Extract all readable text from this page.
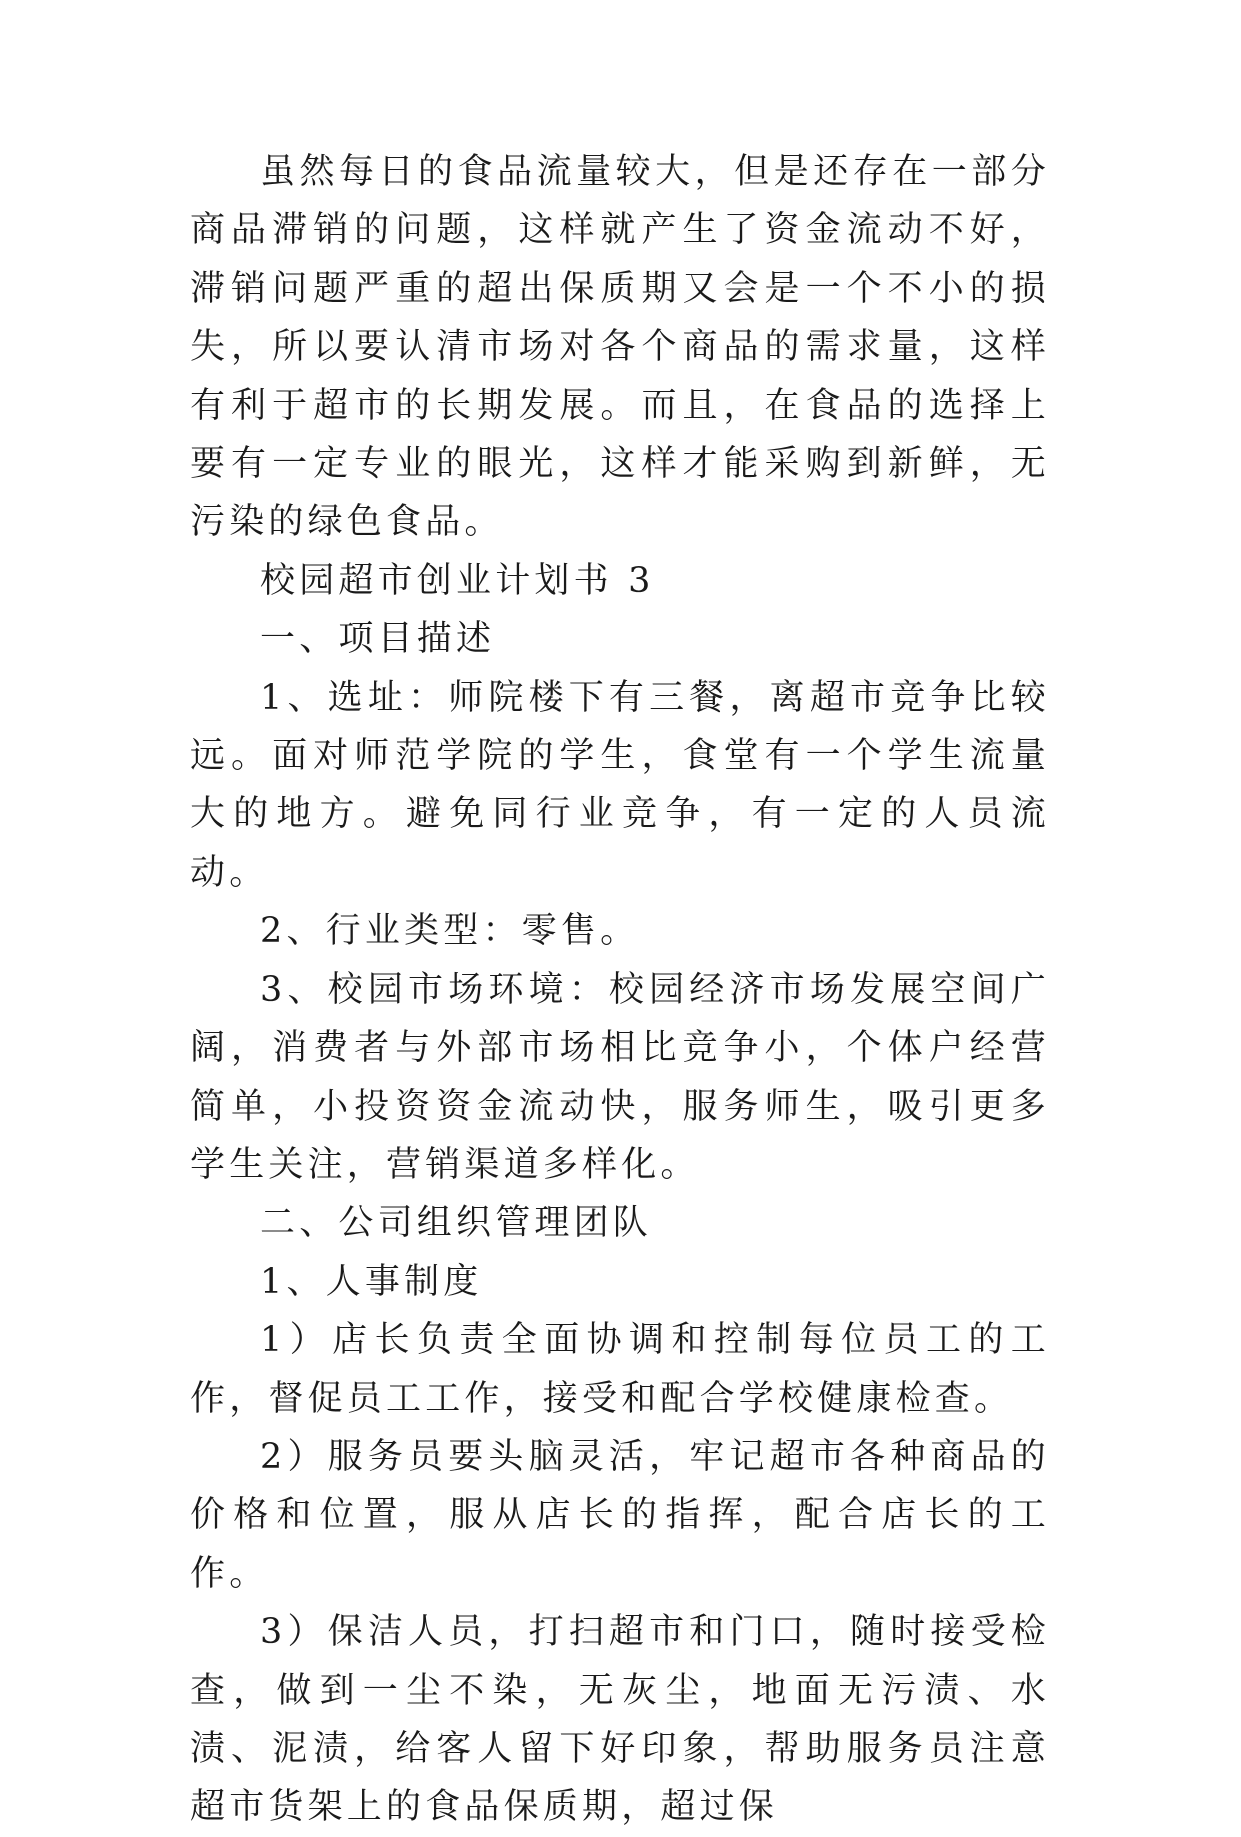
虽然每日的食品流量较大，但是还存在一部分商品滞销的问题，这样就产生了资金流动不好，滞销问题严重的超出保质期又会是一个不小的损失，所以要认清市场对各个商品的需求量，这样有利于超市的长期发展。而且，在食品的选择上要有一定专业的眼光，这样才能采购到新鲜，无污染的绿色食品。

校园超市创业计划书 3

一、项目描述

1、选址：师院楼下有三餐，离超市竞争比较远。面对师范学院的学生，食堂有一个学生流量大的地方。避免同行业竞争，有一定的人员流动。

2、行业类型：零售。

3、校园市场环境：校园经济市场发展空间广阔，消费者与外部市场相比竞争小，个体户经营简单，小投资资金流动快，服务师生，吸引更多学生关注，营销渠道多样化。

二、公司组织管理团队

1、人事制度

1）店长负责全面协调和控制每位员工的工作，督促员工工作，接受和配合学校健康检查。

2）服务员要头脑灵活，牢记超市各种商品的价格和位置，服从店长的指挥，配合店长的工作。

3）保洁人员，打扫超市和门口，随时接受检查，做到一尘不染，无灰尘，地面无污渍、水渍、泥渍，给客人留下好印象，帮助服务员注意超市货架上的食品保质期，超过保
